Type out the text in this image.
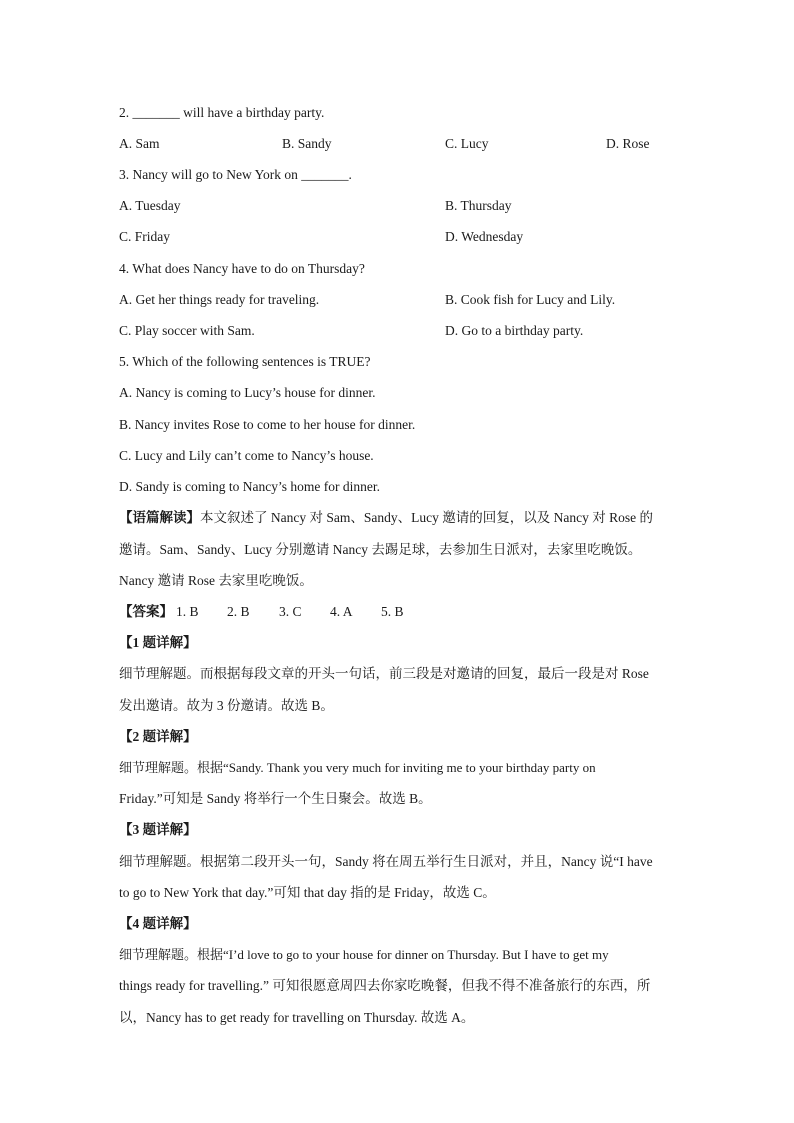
2. _______ will have a birthday party.
A. Sam	B. Sandy	C. Lucy	D. Rose
3. Nancy will go to New York on _______.
A. Tuesday	B. Thursday
C. Friday	D. Wednesday
4. What does Nancy have to do on Thursday?
A. Get her things ready for traveling.	B. Cook fish for Lucy and Lily.
C. Play soccer with Sam.	D. Go to a birthday party.
5. Which of the following sentences is TRUE?
A. Nancy is coming to Lucy’s house for dinner.
B. Nancy invites Rose to come to her house for dinner.
C. Lucy and Lily can’t come to Nancy’s house.
D. Sandy is coming to Nancy’s home for dinner.
【语篇解读】本文叙述了 Nancy 对 Sam、Sandy、Lucy 邀请的回复，以及 Nancy 对 Rose 的
邀请。Sam、Sandy、Lucy 分别邀请 Nancy 去踢足球，去参加生日派对，去家里吃晚饭。
Nancy 邀请 Rose 去家里吃晚饭。
【答案】 1. B 2. B 3. C 4. A 5. B
【1 题详解】
细节理解题。而根据每段文章的开头一句话，前三段是对邀请的回复，最后一段是对 Rose
发出邀请。故为 3 份邀请。故选 B。
【2 题详解】
细节理解题。根据“Sandy. Thank you very much for inviting me to your birthday party on
Friday.”可知是 Sandy 将举行一个生日聚会。故选 B。
【3 题详解】
细节理解题。根据第二段开头一句，Sandy 将在周五举行生日派对，并且，Nancy 说“I have
to go to New York that day.”可知 that day 指的是 Friday，故选 C。
【4 题详解】
细节理解题。根据“I’d love to go to your house for dinner on Thursday. But I have to get my
things ready for travelling.” 可知很愿意周四去你家吃晚餐，但我不得不准备旅行的东西，所
以，Nancy has to get ready for travelling on Thursday. 故选 A。
